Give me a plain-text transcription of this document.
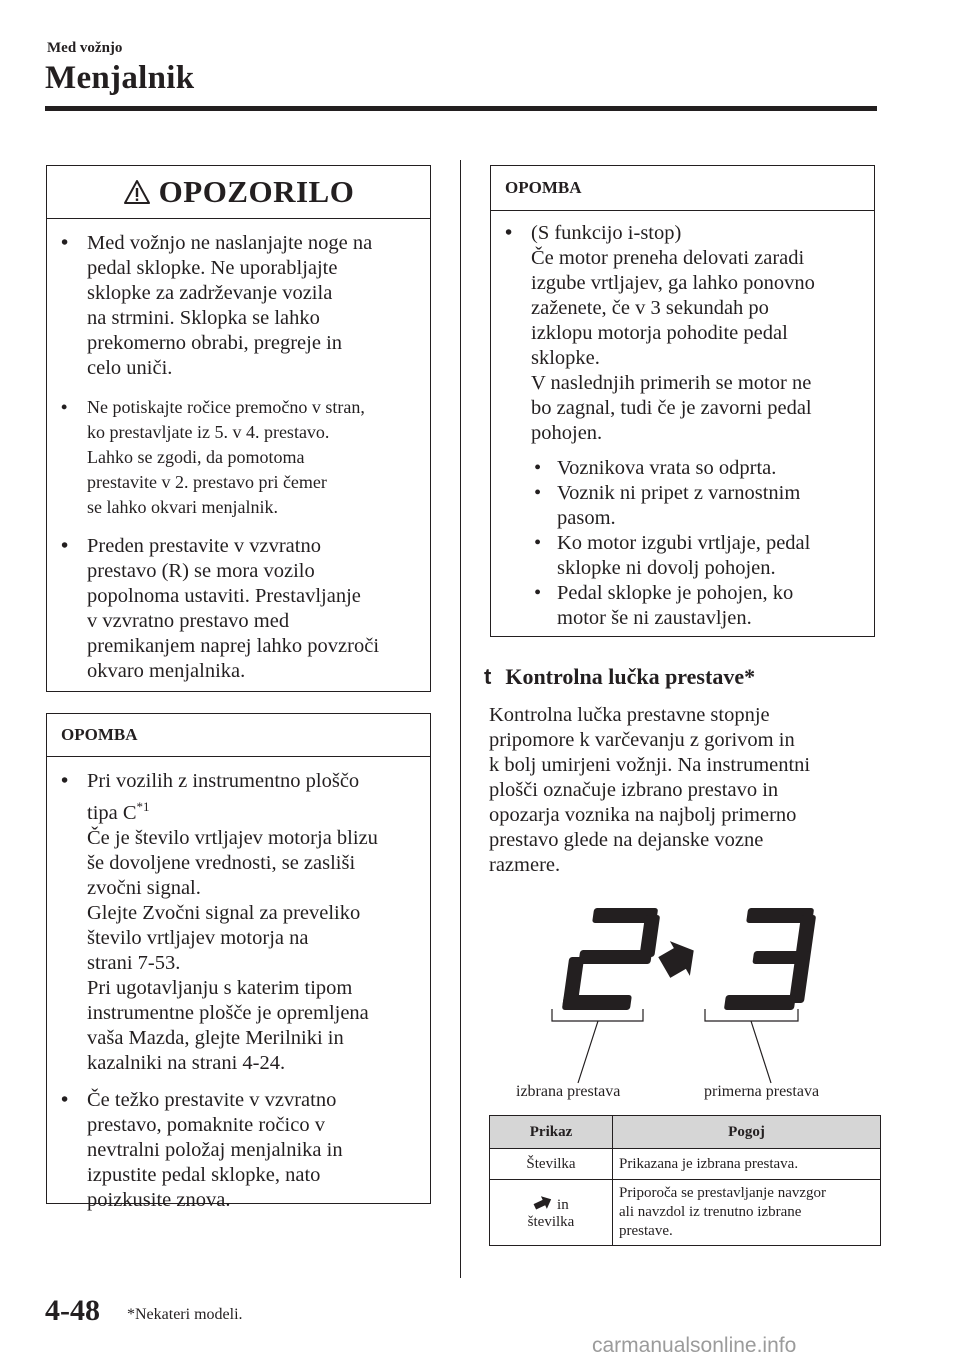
Med vožnjo
Menjalnik
OPOZORILO
• Med vožnjo ne naslanjajte noge na
pedal sklopke. Ne uporabljajte
sklopke za zadrževanje vozila
na strmini. Sklopka se lahko
prekomerno obrabi, pregreje in
celo uniči.
• Ne potiskajte ročice premočno v stran,
ko prestavljate iz 5. v 4. prestavo.
Lahko se zgodi, da pomotoma
prestavite v 2. prestavo pri čemer
se lahko okvari menjalnik.
• Preden prestavite v vzvratno
prestavo (R) se mora vozilo
popolnoma ustaviti. Prestavljanje
v vzvratno prestavo med
premikanjem naprej lahko povzroči
okvaro menjalnika.
OPOMBA
• Pri vozilih z instrumentno ploščo
tipa $C^{*1}$
Če je število vrtljajev motorja blizu
še dovoljene vrednosti, se zasliši
zvočni signal.
Glejte Zvočni signal za preveliko
število vrtljajev motorja na
strani 7-53.
Pri ugotavljanju s katerim tipom
instrumentne plošče je opremljena
vaša Mazda, glejte Merilniki in
kazalniki na strani 4-24.
• Če težko prestavite v vzvratno
prestavo, pomaknite ročico v
nevtralni položaj menjalnika in
izpustite pedal sklopke, nato
poizkusite znova.
OPOMBA
• (S funkcijo i-stop)
Če motor preneha delovati zaradi
izgube vrtljajev, ga lahko ponovno
zaženete, če v 3 sekundah po
izklopu motorja pohodite pedal
sklopke.
V naslednjih primerih se motor ne
bo zagnal, tudi če je zavorni pedal
pohojen.
• Voznikova vrata so odprta.
• Voznik ni pripet z varnostnim
pasom.
• Ko motor izgubi vrtljaje, pedal
sklopke ni dovolj pohojen.
• Pedal sklopke je pohojen, ko
motor še ni zaustavljen.
t Kontrolna lučka prestave*
Kontrolna lučka prestavne stopnje
pripomore k varčevanju z gorivom in
k bolj umirjeni vožnji. Na instrumentni
plošči označuje izbrano prestavo in
opozarja voznika na najbolj primerno
prestavo glede na dejanske vozne
razmere.
izbrana prestava	primerna prestava
Prikaz	Pogoj
Številka	Prikazana je izbrana prestava.

in
številka	Priporoča se prestavljanje navzgor
ali navzdol iz trenutno izbrane
prestave.
4-48 *Nekateri modeli.
carmanualsonline.info
